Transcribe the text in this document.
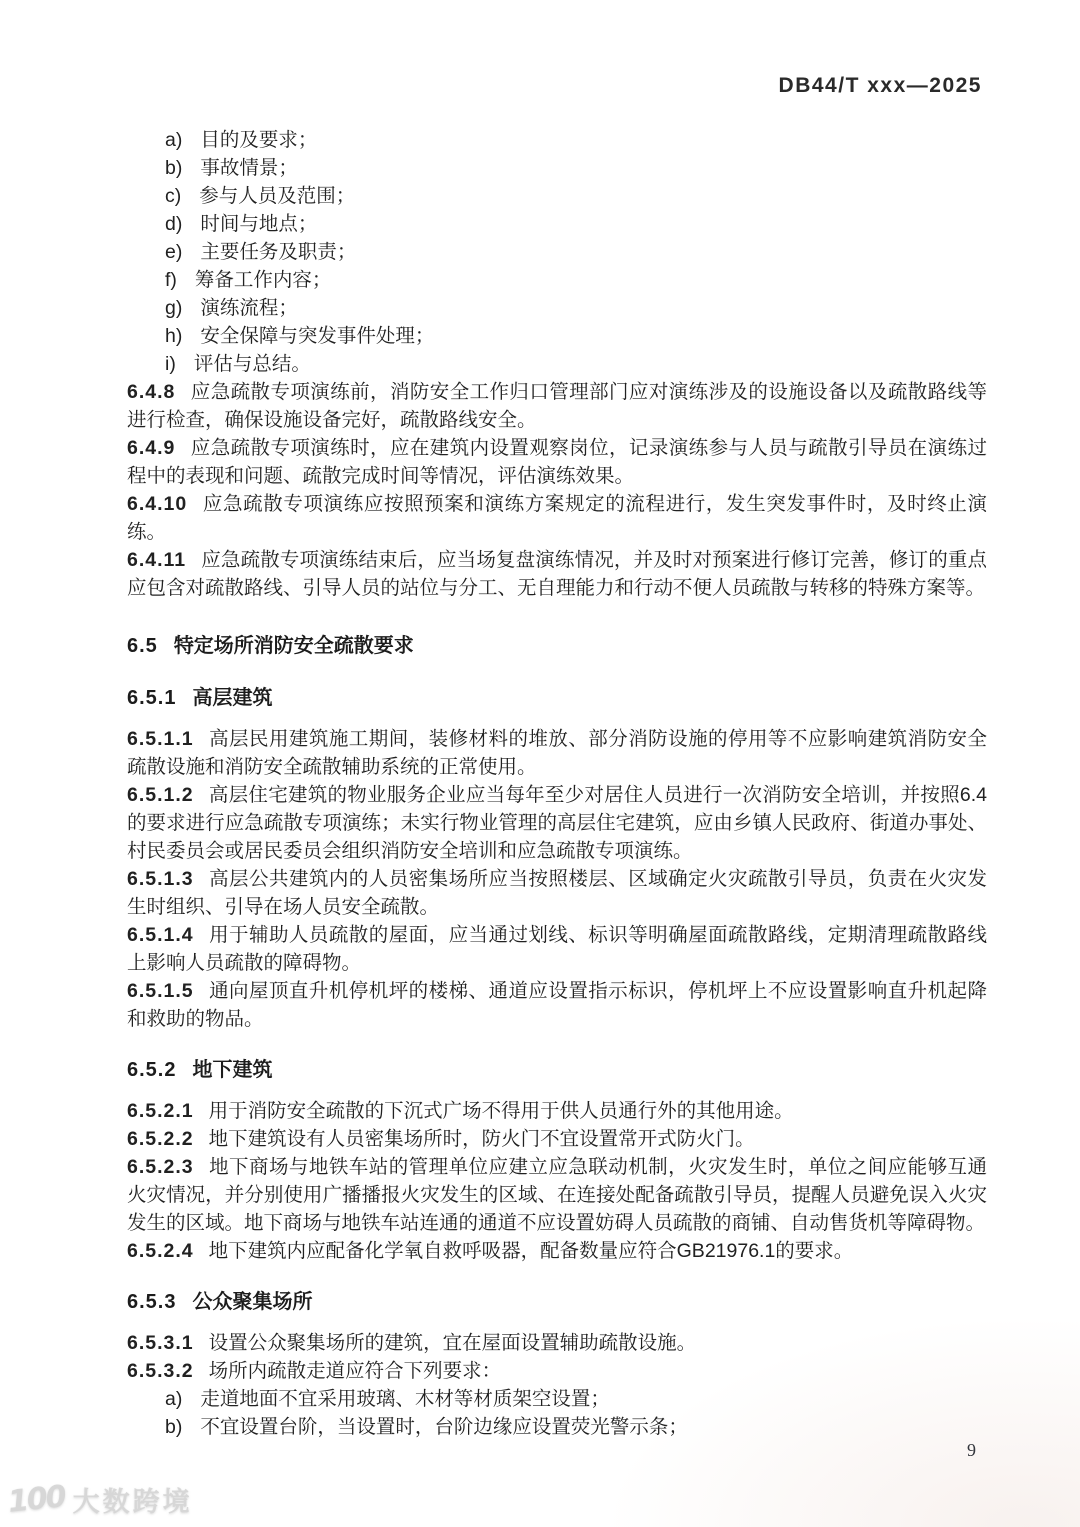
DB44/T xxx—2025
a) 目的及要求；
b) 事故情景；
c) 参与人员及范围；
d) 时间与地点；
e) 主要任务及职责；
f) 筹备工作内容；
g) 演练流程；
h) 安全保障与突发事件处理；
i) 评估与总结。
6.4.8 应急疏散专项演练前，消防安全工作归口管理部门应对演练涉及的设施设备以及疏散路线等进行检查，确保设施设备完好，疏散路线安全。
6.4.9 应急疏散专项演练时，应在建筑内设置观察岗位，记录演练参与人员与疏散引导员在演练过程中的表现和问题、疏散完成时间等情况，评估演练效果。
6.4.10 应急疏散专项演练应按照预案和演练方案规定的流程进行，发生突发事件时，及时终止演练。
6.4.11 应急疏散专项演练结束后，应当场复盘演练情况，并及时对预案进行修订完善，修订的重点应包含对疏散路线、引导人员的站位与分工、无自理能力和行动不便人员疏散与转移的特殊方案等。
6.5 特定场所消防安全疏散要求
6.5.1 高层建筑
6.5.1.1 高层民用建筑施工期间，装修材料的堆放、部分消防设施的停用等不应影响建筑消防安全疏散设施和消防安全疏散辅助系统的正常使用。
6.5.1.2 高层住宅建筑的物业服务企业应当每年至少对居住人员进行一次消防安全培训，并按照6.4的要求进行应急疏散专项演练；未实行物业管理的高层住宅建筑，应由乡镇人民政府、街道办事处、村民委员会或居民委员会组织消防安全培训和应急疏散专项演练。
6.5.1.3 高层公共建筑内的人员密集场所应当按照楼层、区域确定火灾疏散引导员，负责在火灾发生时组织、引导在场人员安全疏散。
6.5.1.4 用于辅助人员疏散的屋面，应当通过划线、标识等明确屋面疏散路线，定期清理疏散路线上影响人员疏散的障碍物。
6.5.1.5 通向屋顶直升机停机坪的楼梯、通道应设置指示标识，停机坪上不应设置影响直升机起降和救助的物品。
6.5.2 地下建筑
6.5.2.1 用于消防安全疏散的下沉式广场不得用于供人员通行外的其他用途。
6.5.2.2 地下建筑设有人员密集场所时，防火门不宜设置常开式防火门。
6.5.2.3 地下商场与地铁车站的管理单位应建立应急联动机制，火灾发生时，单位之间应能够互通火灾情况，并分别使用广播播报火灾发生的区域、在连接处配备疏散引导员，提醒人员避免误入火灾发生的区域。地下商场与地铁车站连通的通道不应设置妨碍人员疏散的商铺、自动售货机等障碍物。
6.5.2.4 地下建筑内应配备化学氧自救呼吸器，配备数量应符合GB21976.1的要求。
6.5.3 公众聚集场所
6.5.3.1 设置公众聚集场所的建筑，宜在屋面设置辅助疏散设施。
6.5.3.2 场所内疏散走道应符合下列要求：
a) 走道地面不宜采用玻璃、木材等材质架空设置；
b) 不宜设置台阶，当设置时，台阶边缘应设置荧光警示条；
9
100 大数跨境
